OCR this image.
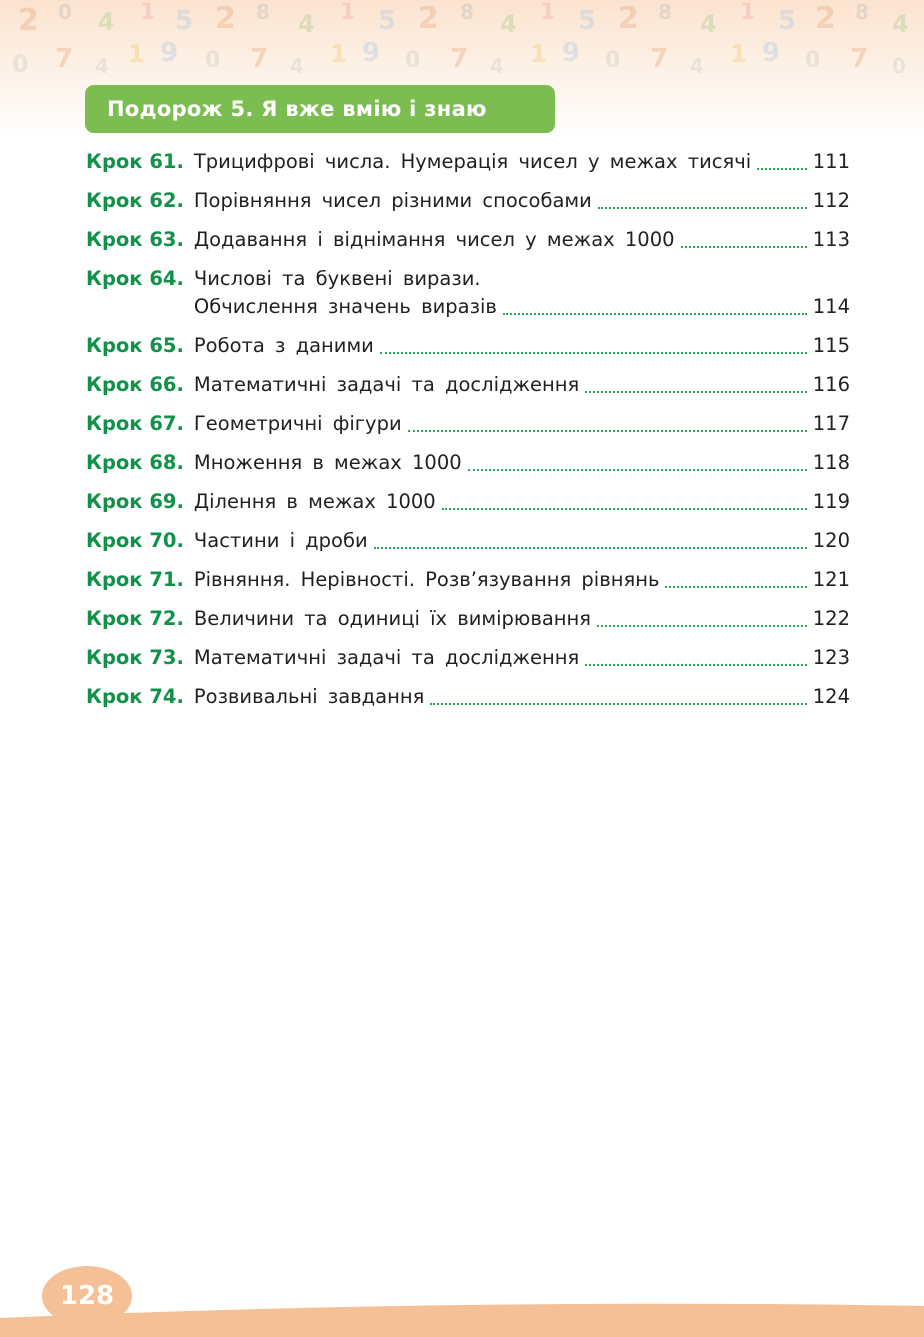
2 0 4 1 5 2 8 4 1 5 2 8 4 1 5 2 8 4 1 5 2 8 4
0 7 4 1 9 0 7 4 1 9 0 7 4 1 9 0 7 4 1 9 0 7 0
Подорож 5. Я вже вмію і знаю
Крок 61. Трицифрові числа. Нумерація чисел у межах тисячі	111
Крок 62. Порівняння чисел різними способами	112
Крок 63. Додавання і віднімання чисел у межах 1000	113
Крок 64. Числові та буквені вирази.
Обчислення значень виразів	114
Крок 65. Робота з даними	115
Крок 66. Математичні задачі та дослідження	116
Крок 67. Геометричні фігури	117
Крок 68. Множення в межах 1000	118
Крок 69. Ділення в межах 1000	119
Крок 70. Частини і дроби	120
Крок 71. Рівняння. Нерівності. Розв’язування рівнянь	121
Крок 72. Величини та одиниці їх вимірювання	122
Крок 73. Математичні задачі та дослідження	123
Крок 74. Розвивальні завдання	124
128
